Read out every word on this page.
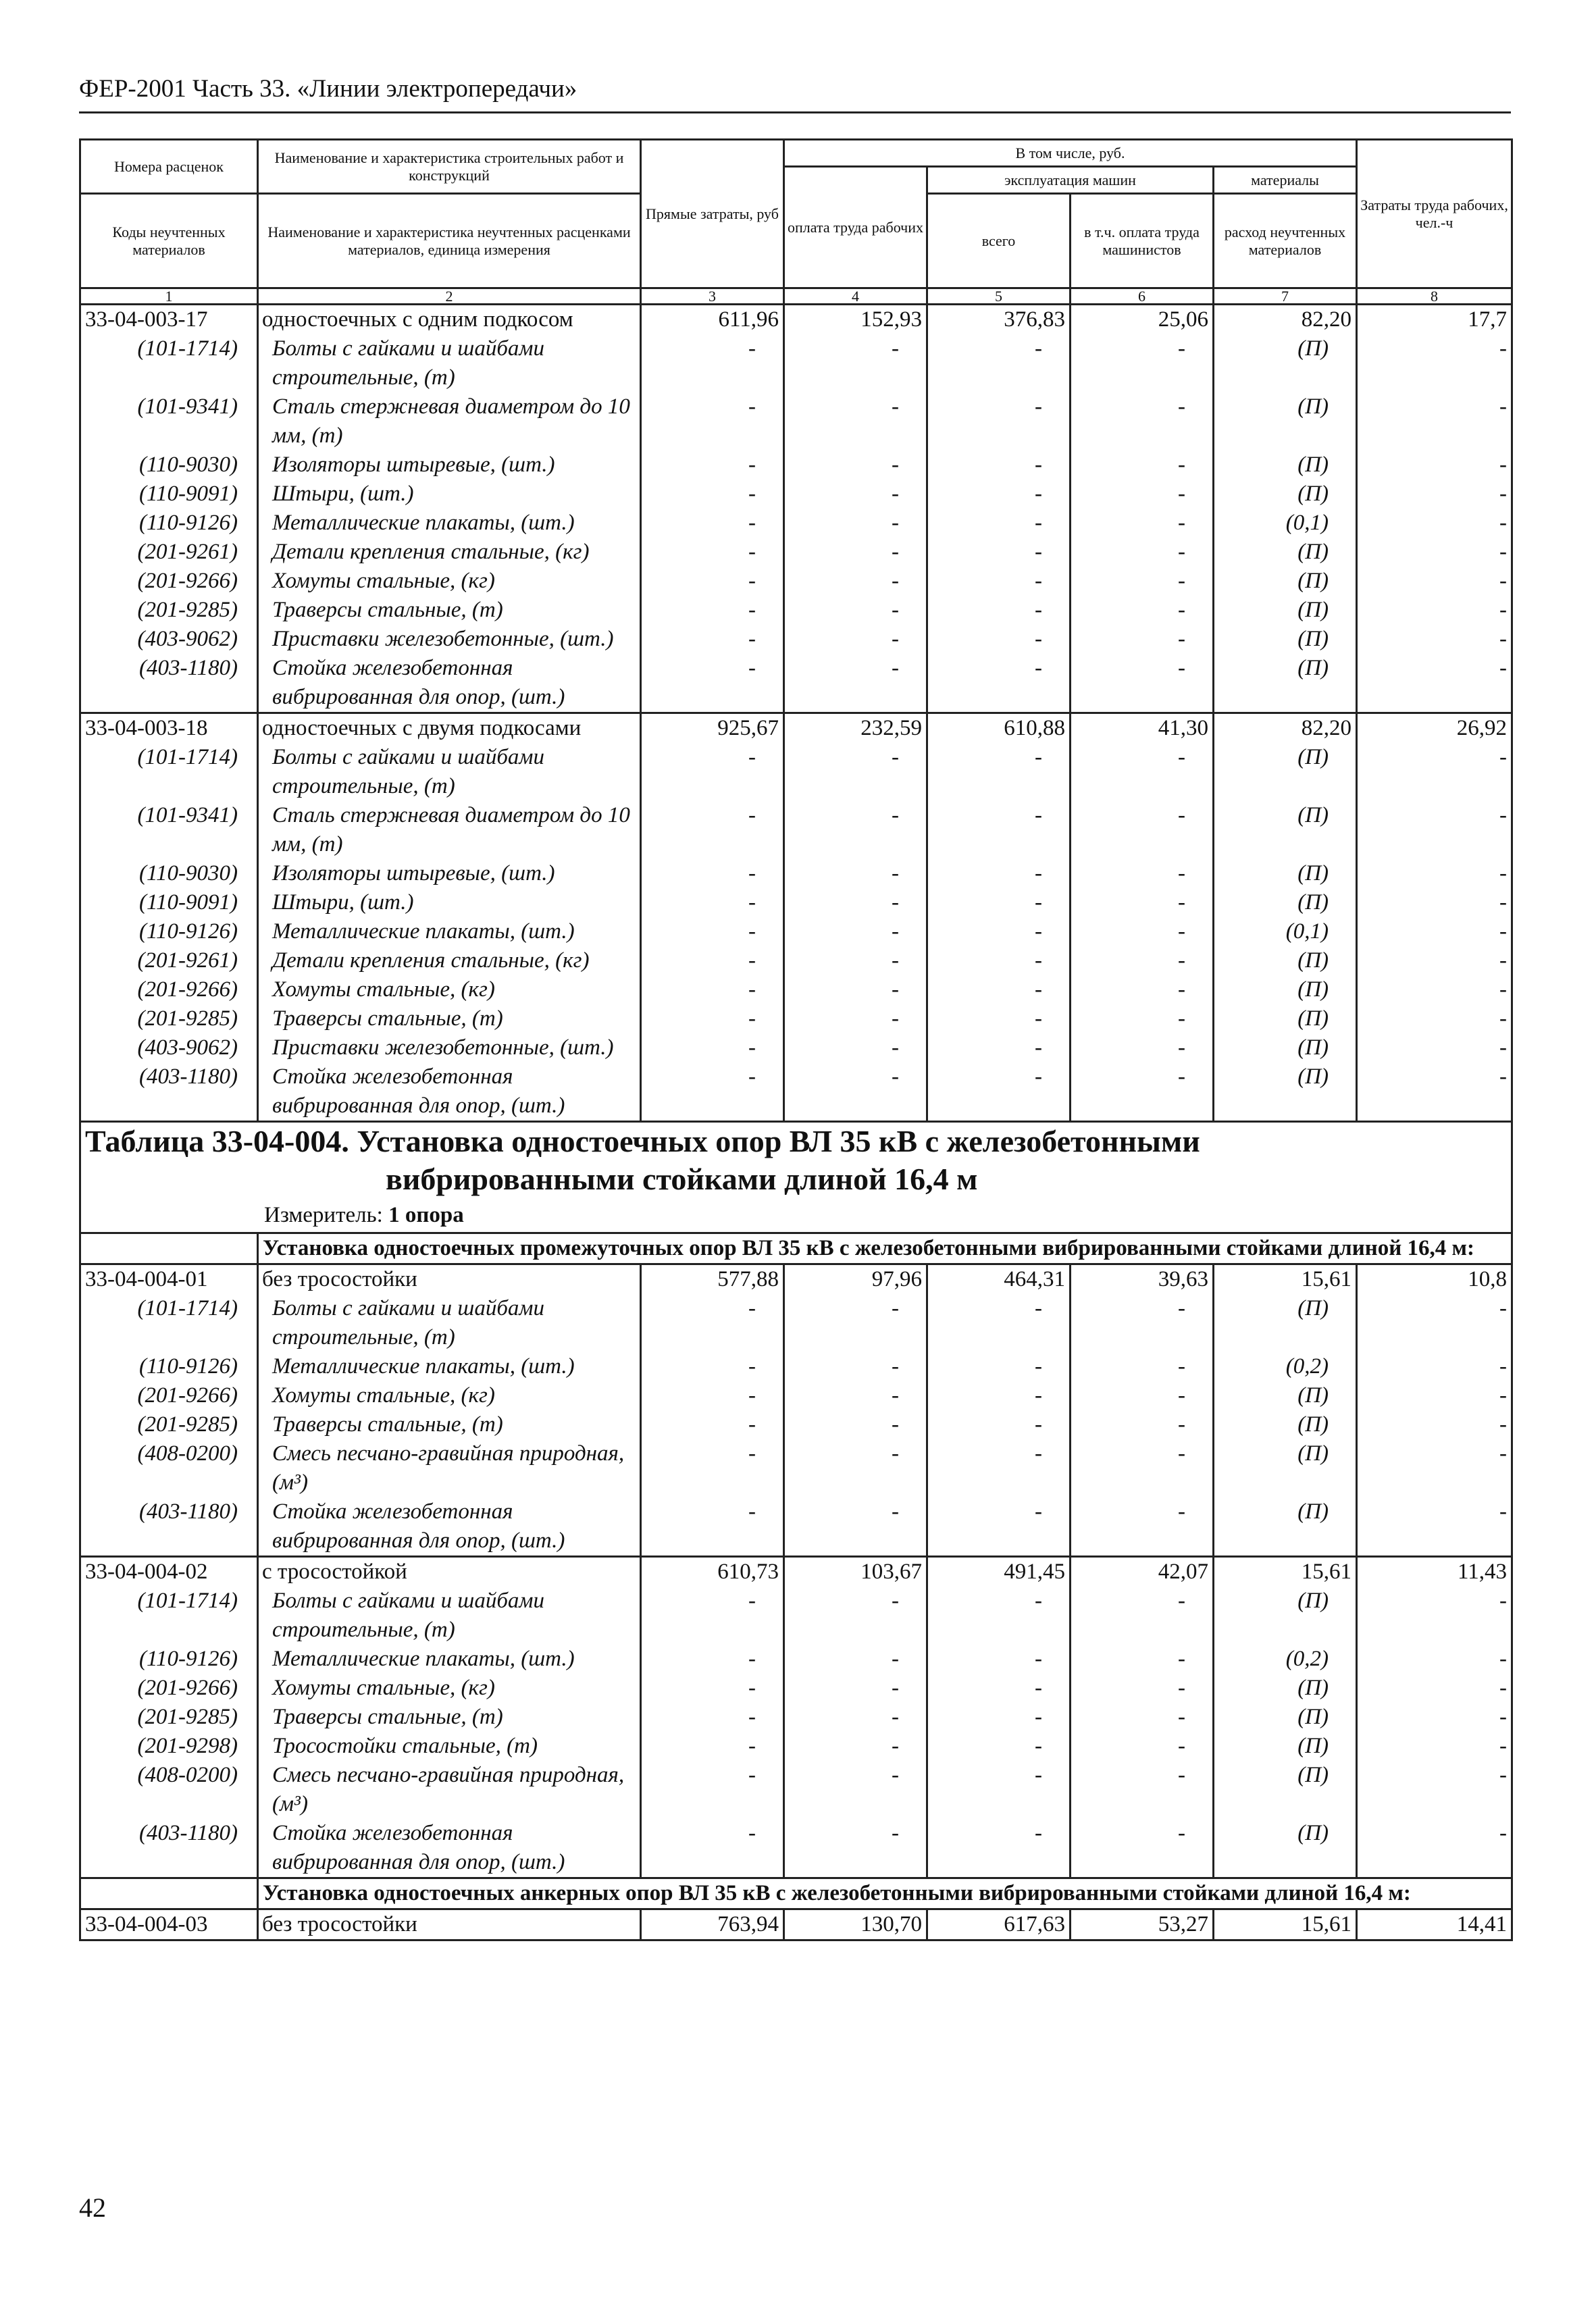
ФЕР-2001 Часть 33. «Линии электропередачи»
Номера расценок	Наименование и характеристика строительных работ и конструкций	Прямые затраты, руб	В том числе, руб.				Затраты труда рабочих, чел.-ч
			оплата труда рабочих	эксплуатация машин		материалы	
Коды неучтенных материалов	Наименование и характеристика неучтенных расценками материалов, единица измерения			всего	в т.ч. оплата труда машинистов	расход неучтенных материалов	

1	2	3	4	5	6	7	8
33-04-003-17	одностоечных с одним подкосом	611,96	152,93	376,83	25,06	82,20	17,7
(101-1714)	Болты с гайками и шайбами строительные, (т)	-	-	-	-	(П)	-
(101-9341)	Сталь стержневая диаметром до 10 мм, (т)	-	-	-	-	(П)	-
(110-9030)	Изоляторы штыревые, (шт.)	-	-	-	-	(П)	-
(110-9091)	Штыри, (шт.)	-	-	-	-	(П)	-
(110-9126)	Металлические плакаты, (шт.)	-	-	-	-	(0,1)	-
(201-9261)	Детали крепления стальные, (кг)	-	-	-	-	(П)	-
(201-9266)	Хомуты стальные, (кг)	-	-	-	-	(П)	-
(201-9285)	Траверсы стальные, (т)	-	-	-	-	(П)	-
(403-9062)	Приставки железобетонные, (шт.)	-	-	-	-	(П)	-
(403-1180)	Стойка железобетонная вибрированная для опор, (шт.)	-	-	-	-	(П)	-
33-04-003-18	одностоечных с двумя подкосами	925,67	232,59	610,88	41,30	82,20	26,92
(101-1714)	Болты с гайками и шайбами строительные, (т)	-	-	-	-	(П)	-
(101-9341)	Сталь стержневая диаметром до 10 мм, (т)	-	-	-	-	(П)	-
(110-9030)	Изоляторы штыревые, (шт.)	-	-	-	-	(П)	-
(110-9091)	Штыри, (шт.)	-	-	-	-	(П)	-
(110-9126)	Металлические плакаты, (шт.)	-	-	-	-	(0,1)	-
(201-9261)	Детали крепления стальные, (кг)	-	-	-	-	(П)	-
(201-9266)	Хомуты стальные, (кг)	-	-	-	-	(П)	-
(201-9285)	Траверсы стальные, (т)	-	-	-	-	(П)	-
(403-9062)	Приставки железобетонные, (шт.)	-	-	-	-	(П)	-
(403-1180)	Стойка железобетонная вибрированная для опор, (шт.)	-	-	-	-	(П)	-

Таблица 33-04-004. Установка одностоечных опор ВЛ 35 кВ с железобетонными
вибрированными стойками длиной 16,4 м
Измеритель: 1 опора							

	Установка одностоечных промежуточных опор ВЛ 35 кВ с железобетонными вибрированными стойками длиной 16,4 м:						
33-04-004-01	без тросостойки	577,88	97,96	464,31	39,63	15,61	10,8
(101-1714)	Болты с гайками и шайбами строительные, (т)	-	-	-	-	(П)	-
(110-9126)	Металлические плакаты, (шт.)	-	-	-	-	(0,2)	-
(201-9266)	Хомуты стальные, (кг)	-	-	-	-	(П)	-
(201-9285)	Траверсы стальные, (т)	-	-	-	-	(П)	-
(408-0200)	Смесь песчано-гравийная природная, (м³)	-	-	-	-	(П)	-
(403-1180)	Стойка железобетонная вибрированная для опор, (шт.)	-	-	-	-	(П)	-
33-04-004-02	с тросостойкой	610,73	103,67	491,45	42,07	15,61	11,43
(101-1714)	Болты с гайками и шайбами строительные, (т)	-	-	-	-	(П)	-
(110-9126)	Металлические плакаты, (шт.)	-	-	-	-	(0,2)	-
(201-9266)	Хомуты стальные, (кг)	-	-	-	-	(П)	-
(201-9285)	Траверсы стальные, (т)	-	-	-	-	(П)	-
(201-9298)	Тросостойки стальные, (т)	-	-	-	-	(П)	-
(408-0200)	Смесь песчано-гравийная природная, (м³)	-	-	-	-	(П)	-
(403-1180)	Стойка железобетонная вибрированная для опор, (шт.)	-	-	-	-	(П)	-
	Установка одностоечных анкерных опор ВЛ 35 кВ с железобетонными вибрированными стойками длиной 16,4 м:						
33-04-004-03	без тросостойки	763,94	130,70	617,63	53,27	15,61	14,41
42
